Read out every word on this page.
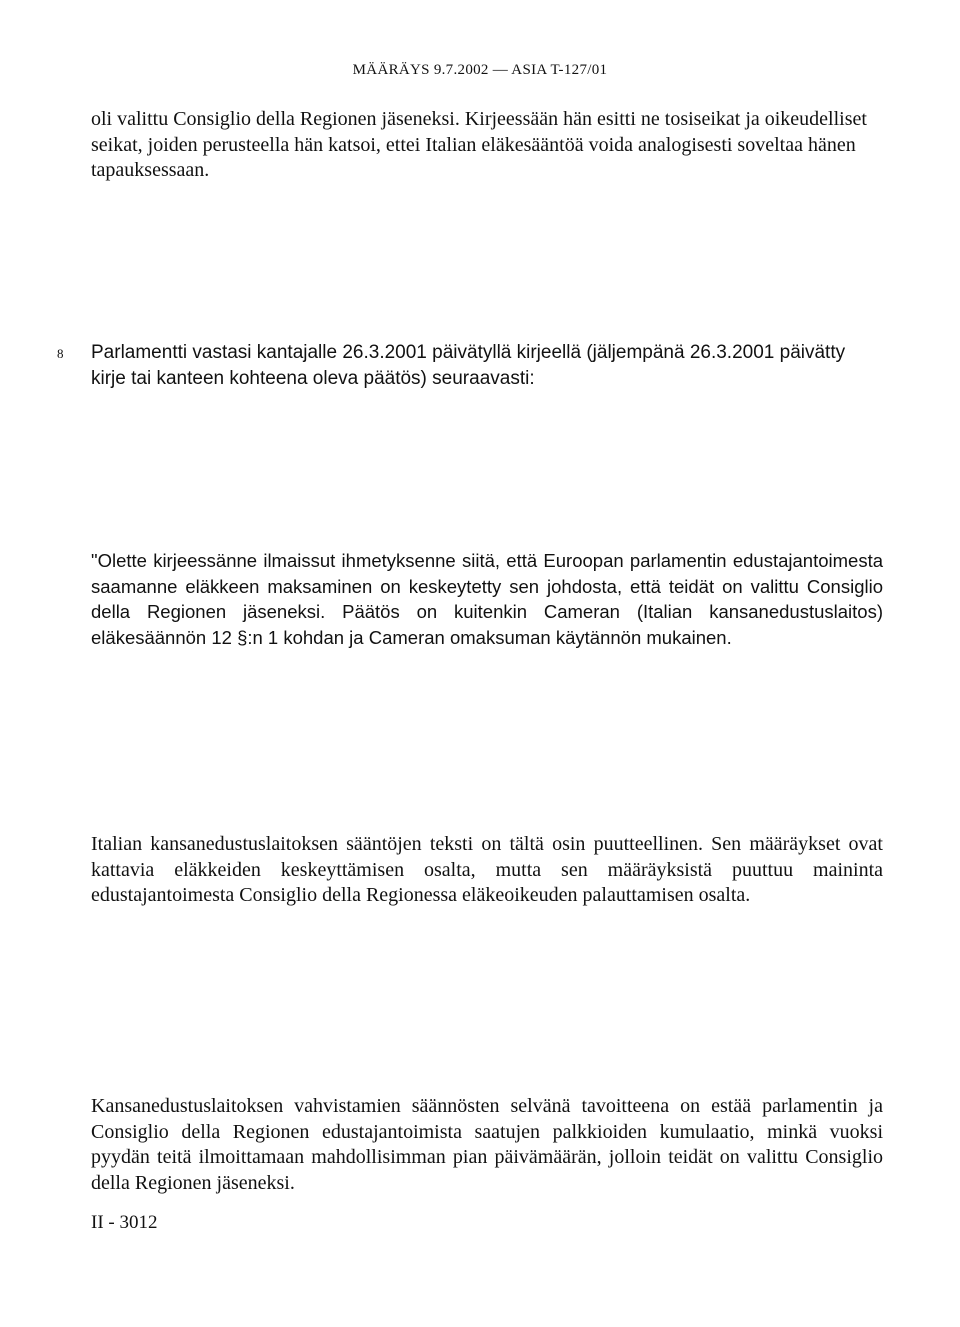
MÄÄRÄYS 9.7.2002 — ASIA T-127/01

oli valittu Consiglio della Regionen jäseneksi. Kirjeessään hän esitti ne tosiseikat ja oikeudelliset seikat, joiden perusteella hän katsoi, ettei Italian eläkesääntöä voida analogisesti soveltaa hänen tapauksessaan.

8 Parlamentti vastasi kantajalle 26.3.2001 päivätyllä kirjeellä (jäljempänä 26.3.2001 päivätty kirje tai kanteen kohteena oleva päätös) seuraavasti:

"Olette kirjeessänne ilmaissut ihmetyksenne siitä, että Euroopan parlamentin edustajantoimesta saamanne eläkkeen maksaminen on keskeytetty sen johdosta, että teidät on valittu Consiglio della Regionen jäseneksi. Päätös on kuitenkin Cameran (Italian kansanedustuslaitos) eläkesäännön 12 §:n 1 kohdan ja Cameran omaksuman käytännön mukainen.

Italian kansanedustuslaitoksen sääntöjen teksti on tältä osin puutteellinen. Sen määräykset ovat kattavia eläkkeiden keskeyttämisen osalta, mutta sen määräyksistä puuttuu maininta edustajantoimesta Consiglio della Regionessa eläkeoikeuden palauttamisen osalta.

Kansanedustuslaitoksen vahvistamien säännösten selvänä tavoitteena on estää parlamentin ja Consiglio della Regionen edustajantoimista saatujen palkkioiden kumulaatio, minkä vuoksi pyydän teitä ilmoittamaan mahdollisimman pian päivämäärän, jolloin teidät on valittu Consiglio della Regionen jäseneksi.

II - 3012
